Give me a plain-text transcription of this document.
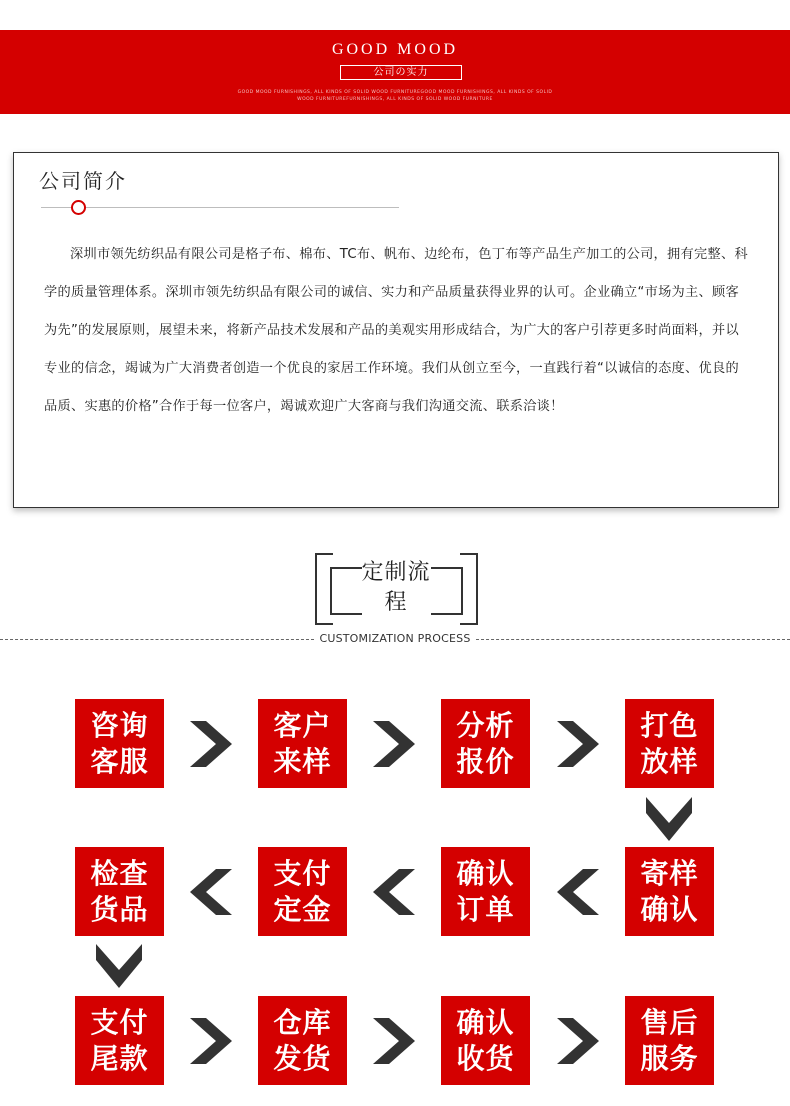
GOOD MOOD
公司の实力
GOOD MOOD FURNISHINGS, ALL KINDS OF SOLID WOOD FURNITUREGOOD MOOD FURNISHINGS, ALL KINDS OF SOLID
WOOD FURNITUREFURNISHINGS, ALL KINDS OF SOLID WOOD FURNITURE
公司简介

深圳市领先纺织品有限公司是格子布、棉布、TC布、帆布、边纶布，色丁布等产品生产加工的公司，拥有完整、科学的质量管理体系。深圳市领先纺织品有限公司的诚信、实力和产品质量获得业界的认可。企业确立“市场为主、顾客为先”的发展原则，展望未来，将新产品技术发展和产品的美观实用形成结合，为广大的客户引荐更多时尚面料，并以专业的信念，竭诚为广大消费者创造一个优良的家居工作环境。我们从创立至今，一直践行着“以诚信的态度、优良的品质、实惠的价格”合作于每一位客户，竭诚欢迎广大客商与我们沟通交流、联系洽谈！

定制流程
CUSTOMIZATION PROCESS
咨询客服
客户来样
分析报价
打色放样
检查货品
支付定金
确认订单
寄样确认
支付尾款
仓库发货
确认收货
售后服务
